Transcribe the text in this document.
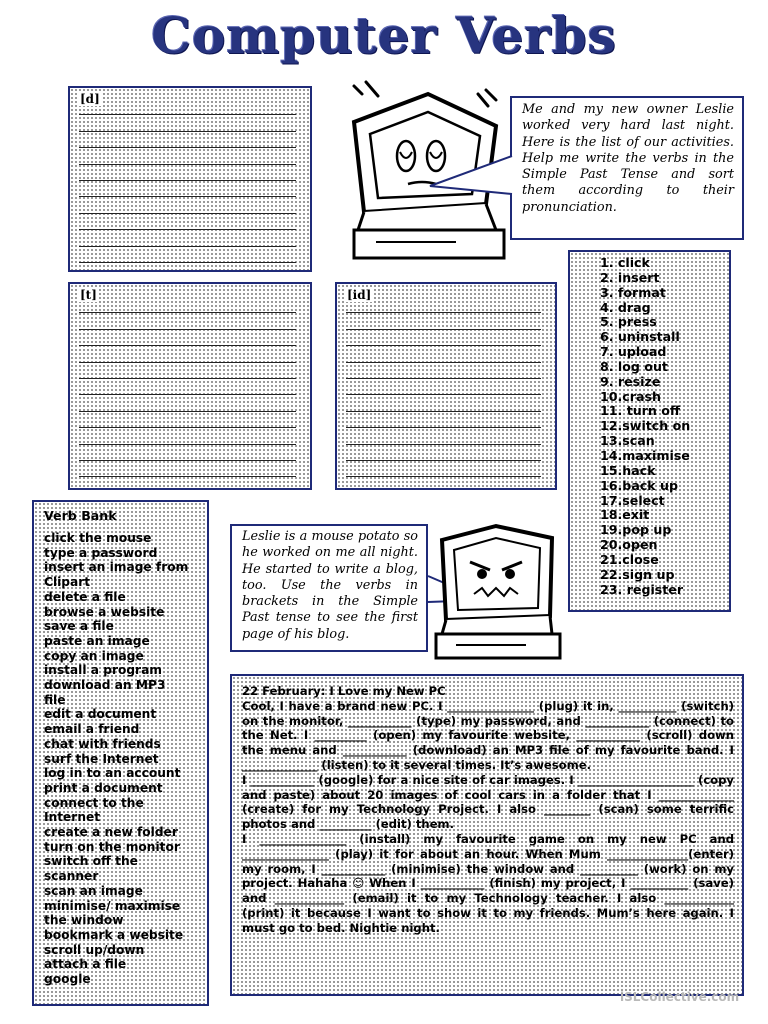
Computer Verbs
[d]
[t]	[id]
Me and my new owner Leslie worked very hard last night. Here is the list of our activities. Help me write the verbs in the Simple Past Tense and sort them according to their pronunciation.
1. click
2. insert
3. format
4. drag
5. press
6. uninstall
7. upload
8. log out
9. resize
10.crash
11. turn off
12.switch on
13.scan
14.maximise
15.hack
16.back up
17.select
18.exit
19.pop up
20.open
21.close
22.sign up
23. register
Verb Bank
click the mouse
type a password
insert an image from
Clipart
delete a file
browse a website
save a file
paste an image
copy an image
install a program
download an MP3
file
edit a document
email a friend
chat with friends
surf the Internet
log in to an account
print a document
connect to the
Internet
create a new folder
turn on the monitor
switch off the
scanner
scan an image
minimise/ maximise
the window
bookmark a website
scroll up/down
attach a file
google
Leslie is a mouse potato so he worked on me all night. He started to write a blog, too. Use the verbs in brackets in the Simple Past tense to see the first page of his blog.

22 February: I Love my New PC

Cool, I have a brand new PC. I _______________ (plug) it in, __________ (switch) on the monitor, ___________ (type) my password, and ___________ (connect) to the Net. I _________ (open) my favourite website, ___________ (scroll) down the menu and ___________ (download) an MP3 file of my favourite band. I _____________ (listen) to it several times. It’s awesome.

I ___________ (google) for a nice site of car images. I ____________________ (copy and paste) about 20 images of cool cars in a folder that I _____________ (create) for my Technology Project. I also ________ (scan) some terrific photos and _________ (edit) them.

I _______________ (install) my favourite game on my new PC and _______________ (play) it for about an hour. When Mum ______________(enter) my room, I ___________ (minimise) the window and __________ (work) on my project. Hahaha ☺ When I ___________ (finish) my project, I __________ (save) and ____________ (email) it to my Technology teacher. I also ____________ (print) it because I want to show it to my friends. Mum’s here again. I must go to bed. Nightie night.

iSLCollective.com
